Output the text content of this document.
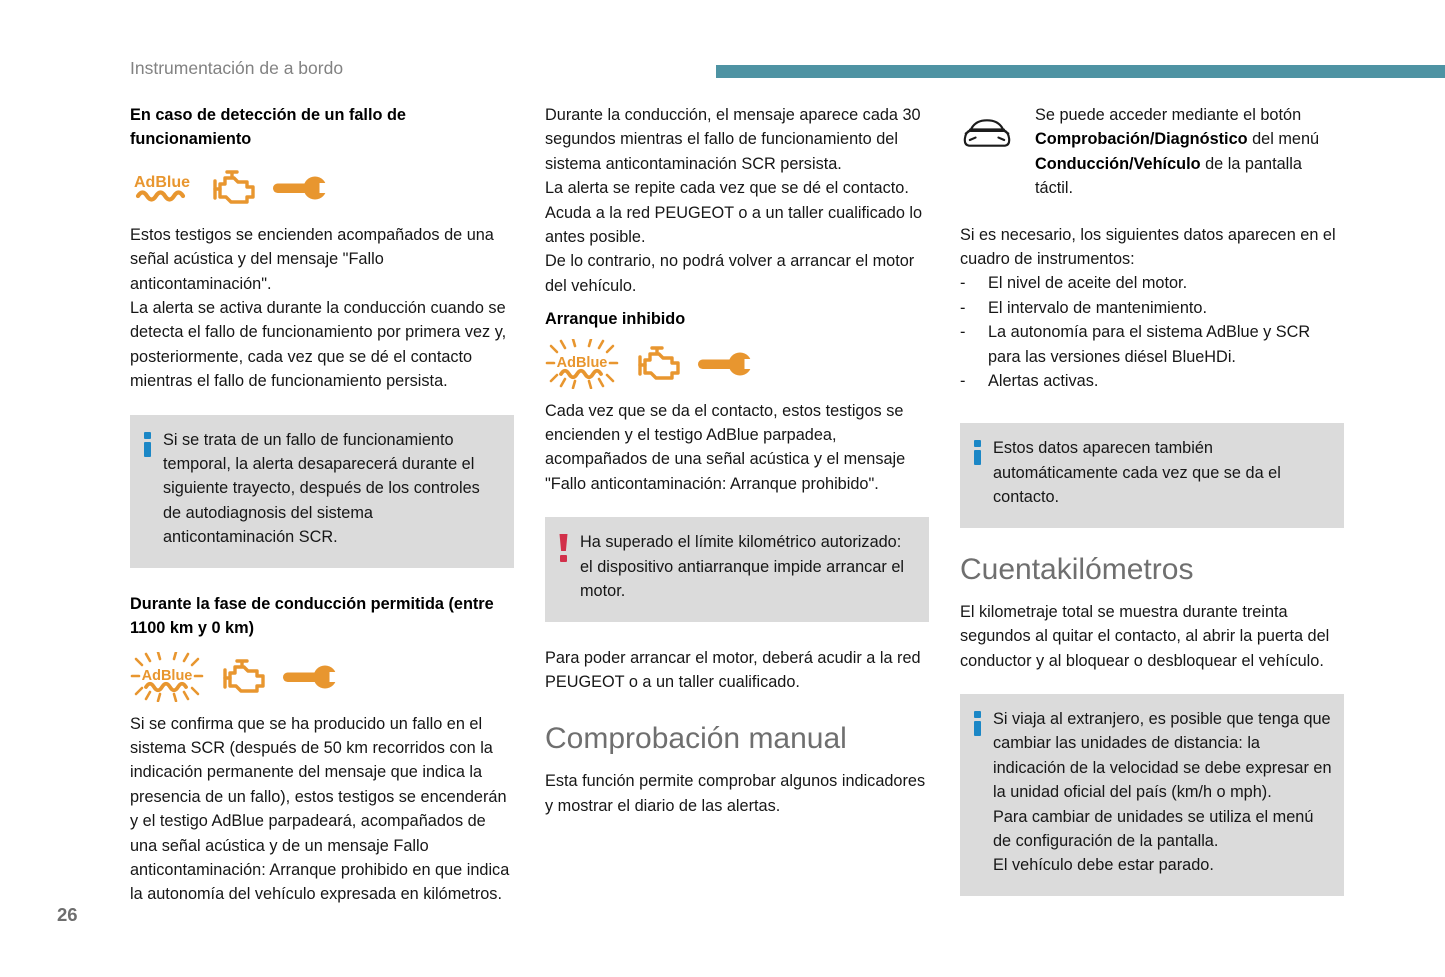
Instrumentación de a bordo
En caso de detección de un fallo de funcionamiento
AdBlue

Estos testigos se encienden acompañados de una señal acústica y del mensaje "Fallo anticontaminación".

La alerta se activa durante la conducción cuando se detecta el fallo de funcionamiento por primera vez y, posteriormente, cada vez que se dé el contacto mientras el fallo de funcionamiento persista.

Si se trata de un fallo de funcionamiento temporal, la alerta desaparecerá durante el siguiente trayecto, después de los controles de autodiagnosis del sistema anticontaminación SCR.

Durante la fase de conducción permitida (entre 1100 km y 0 km)
AdBlue

Si se confirma que se ha producido un fallo en el sistema SCR (después de 50 km recorridos con la indicación permanente del mensaje que indica la presencia de un fallo), estos testigos se encenderán y el testigo AdBlue parpadeará, acompañados de una señal acústica y de un mensaje Fallo anticontaminación: Arranque prohibido en que indica la autonomía del vehículo expresada en kilómetros.

Durante la conducción, el mensaje aparece cada 30 segundos mientras el fallo de funcionamiento del sistema anticontaminación SCR persista.

La alerta se repite cada vez que se dé el contacto.

Acuda a la red PEUGEOT o a un taller cualificado lo antes posible.

De lo contrario, no podrá volver a arrancar el motor del vehículo.

Arranque inhibido
AdBlue

Cada vez que se da el contacto, estos testigos se encienden y el testigo AdBlue parpadea, acompañados de una señal acústica y el mensaje "Fallo anticontaminación: Arranque prohibido".

Ha superado el límite kilométrico autorizado: el dispositivo antiarranque impide arrancar el motor.

Para poder arrancar el motor, deberá acudir a la red PEUGEOT o a un taller cualificado.

Comprobación manual

Esta función permite comprobar algunos indicadores y mostrar el diario de las alertas.

Se puede acceder mediante el botón Comprobación/Diagnóstico del menú Conducción/Vehículo de la pantalla táctil.

Si es necesario, los siguientes datos aparecen en el cuadro de instrumentos:

-	El nivel de aceite del motor.
-	El intervalo de mantenimiento.
-	La autonomía para el sistema AdBlue y SCR para las versiones diésel BlueHDi.
-	Alertas activas.

Estos datos aparecen también automáticamente cada vez que se da el contacto.

Cuentakilómetros

El kilometraje total se muestra durante treinta segundos al quitar el contacto, al abrir la puerta del conductor y al bloquear o desbloquear el vehículo.

Si viaja al extranjero, es posible que tenga que cambiar las unidades de distancia: la indicación de la velocidad se debe expresar en la unidad oficial del país (km/h o mph).

Para cambiar de unidades se utiliza el menú de configuración de la pantalla.

El vehículo debe estar parado.

26
